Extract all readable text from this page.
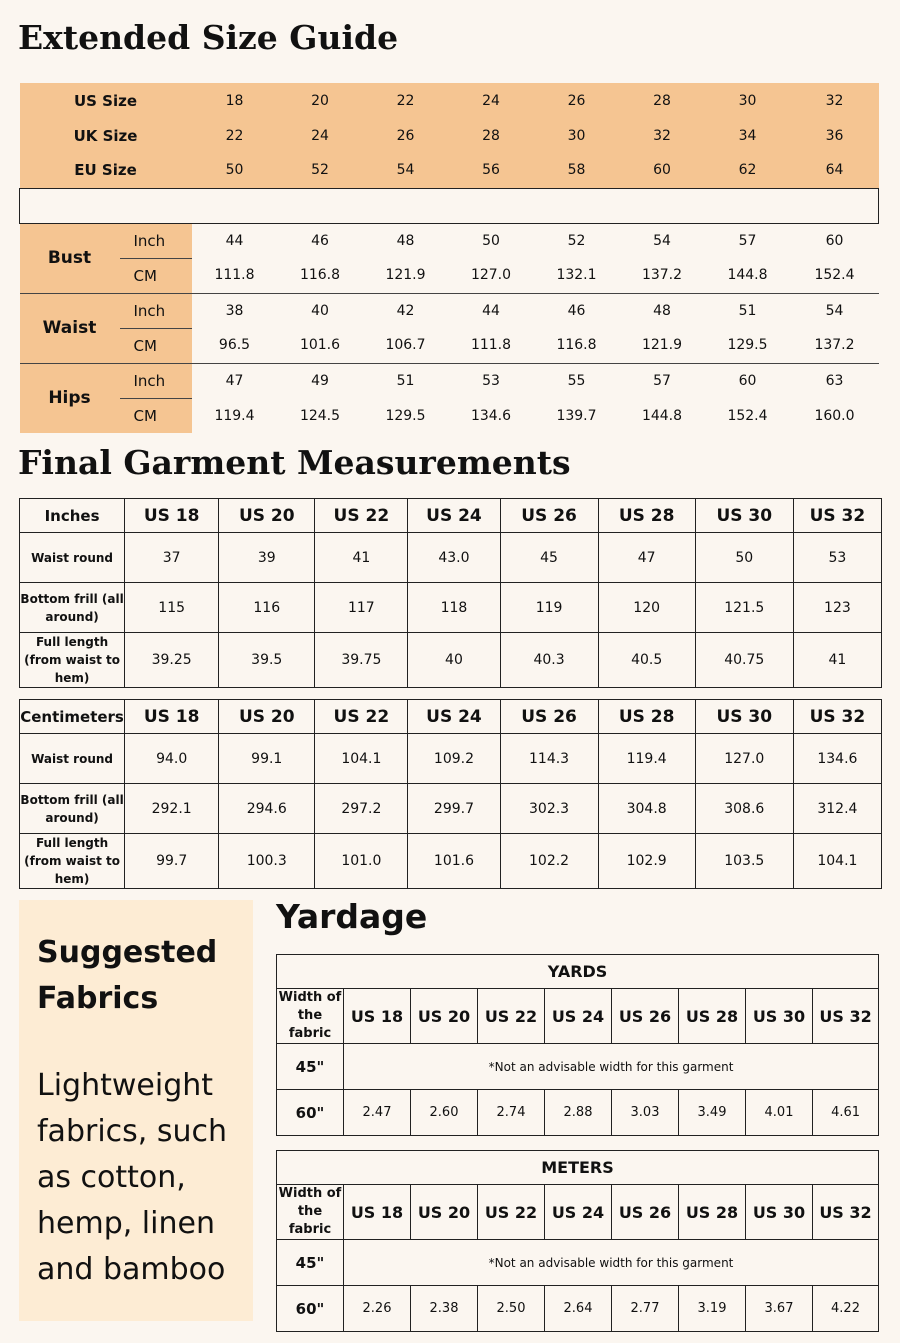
Extended Size Guide
US Size		18	20	22	24	26	28	30	32
UK Size		22	24	26	28	30	32	34	36
EU Size		50	52	54	56	58	60	62	64

Bust	Inch	44	46	48	50	52	54	57	60
	CM	111.8	116.8	121.9	127.0	132.1	137.2	144.8	152.4
Waist	Inch	38	40	42	44	46	48	51	54
	CM	96.5	101.6	106.7	111.8	116.8	121.9	129.5	137.2
Hips	Inch	47	49	51	53	55	57	60	63
	CM	119.4	124.5	129.5	134.6	139.7	144.8	152.4	160.0
Final Garment Measurements
Inches	US 18	US 20	US 22	US 24	US 26	US 28	US 30	US 32
Waist round	37	39	41	43.0	45	47	50	53
Bottom frill (all around)	115	116	117	118	119	120	121.5	123
Full length (from waist to hem)	39.25	39.5	39.75	40	40.3	40.5	40.75	41
Centimeters	US 18	US 20	US 22	US 24	US 26	US 28	US 30	US 32
Waist round	94.0	99.1	104.1	109.2	114.3	119.4	127.0	134.6
Bottom frill (all around)	292.1	294.6	297.2	299.7	302.3	304.8	308.6	312.4
Full length (from waist to hem)	99.7	100.3	101.0	101.6	102.2	102.9	103.5	104.1
Suggested Fabrics
Lightweight fabrics, such as cotton, hemp, linen and bamboo
Yardage
YARDS								
Width of the fabric	US 18	US 20	US 22	US 24	US 26	US 28	US 30	US 32
45"	*Not an advisable width for this garment							
60"	2.47	2.60	2.74	2.88	3.03	3.49	4.01	4.61
METERS								
Width of the fabric	US 18	US 20	US 22	US 24	US 26	US 28	US 30	US 32
45"	*Not an advisable width for this garment							
60"	2.26	2.38	2.50	2.64	2.77	3.19	3.67	4.22
